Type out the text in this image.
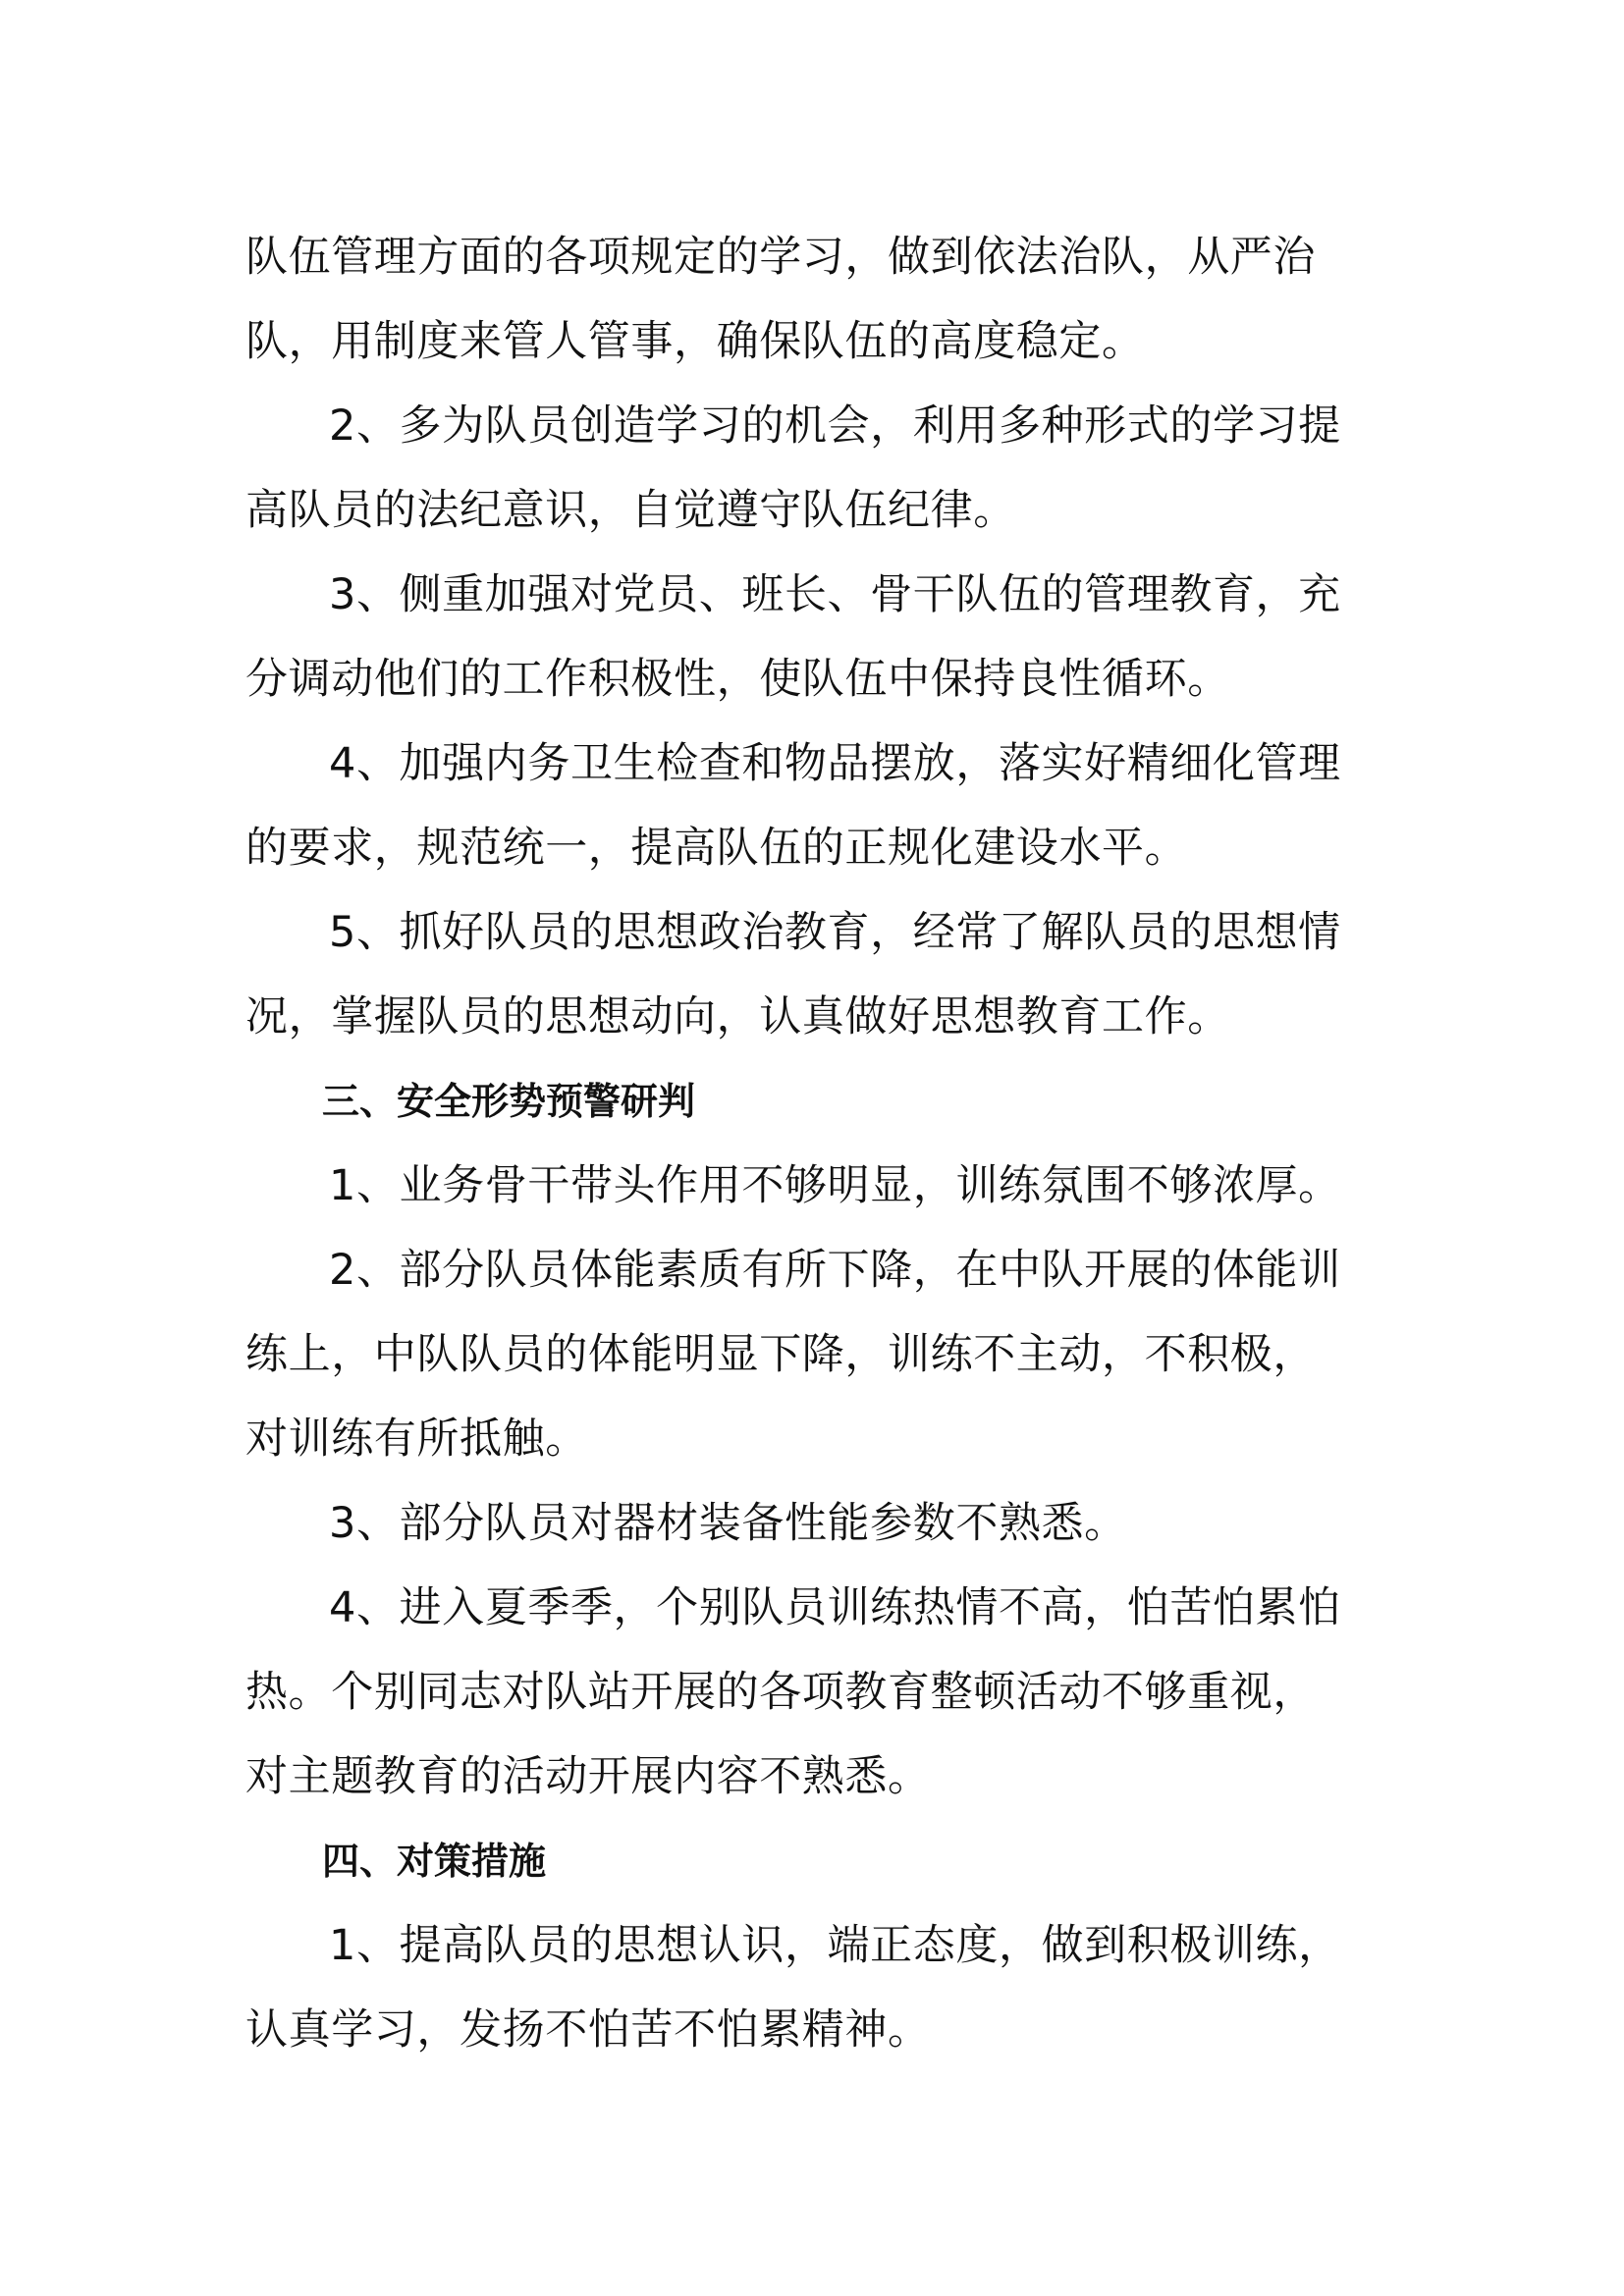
队伍管理方面的各项规定的学习，做到依法治队，从严治
队，用制度来管人管事，确保队伍的高度稳定。
2、多为队员创造学习的机会，利用多种形式的学习提
高队员的法纪意识，自觉遵守队伍纪律。
3、侧重加强对党员、班长、骨干队伍的管理教育，充
分调动他们的工作积极性，使队伍中保持良性循环。
4、加强内务卫生检查和物品摆放，落实好精细化管理
的要求，规范统一，提高队伍的正规化建设水平。
5、抓好队员的思想政治教育，经常了解队员的思想情
况，掌握队员的思想动向，认真做好思想教育工作。
三、安全形势预警研判
1、业务骨干带头作用不够明显，训练氛围不够浓厚。
2、部分队员体能素质有所下降，在中队开展的体能训
练上，中队队员的体能明显下降，训练不主动，不积极，
对训练有所抵触。
3、部分队员对器材装备性能参数不熟悉。
4、进入夏季季，个别队员训练热情不高，怕苦怕累怕
热。个别同志对队站开展的各项教育整顿活动不够重视，
对主题教育的活动开展内容不熟悉。
四、对策措施
1、提高队员的思想认识，端正态度，做到积极训练，
认真学习，发扬不怕苦不怕累精神。
